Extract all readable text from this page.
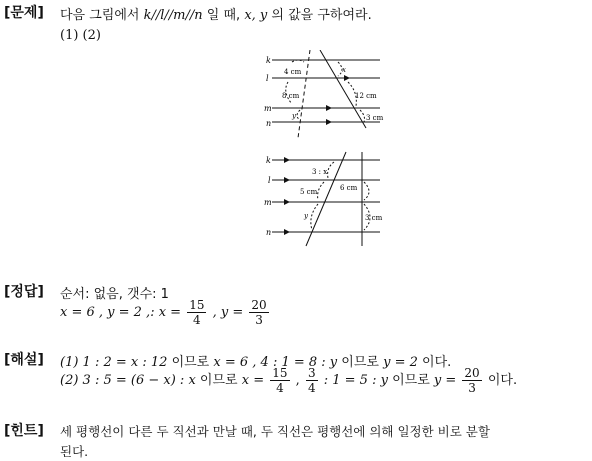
[문제] 다음 그림에서 k//l//m//n 일 때, x, y 의 값을 구하여라.
(1) (2)
k
l
m
n
4 cm
8 cm	12 cm
3 cm
x
y
k
l
m
n
3 : x
5 cm	6 cm
3 cm
y
[정답] 순서: 없음, 갯수: 1
x = 6 , y = 2 ,: $x = \frac{15}{4}$ , $y = \frac{20}{3}$
[해설] (1) 1 : 2 = x : 12 이므로 x = 6 , 4 : 1 = 8 : y 이므로 y = 2 이다.
(2) 3 : 5 = (6 − x) : x 이므로 $x = \frac{15}{4}$ , $\frac{3}{4}$ : 1 = 5 : y 이므로 $y = \frac{20}{3}$ 이다.
[힌트] 세 평행선이 다른 두 직선과 만날 때, 두 직선은 평행선에 의해 일정한 비로 분할
된다.
